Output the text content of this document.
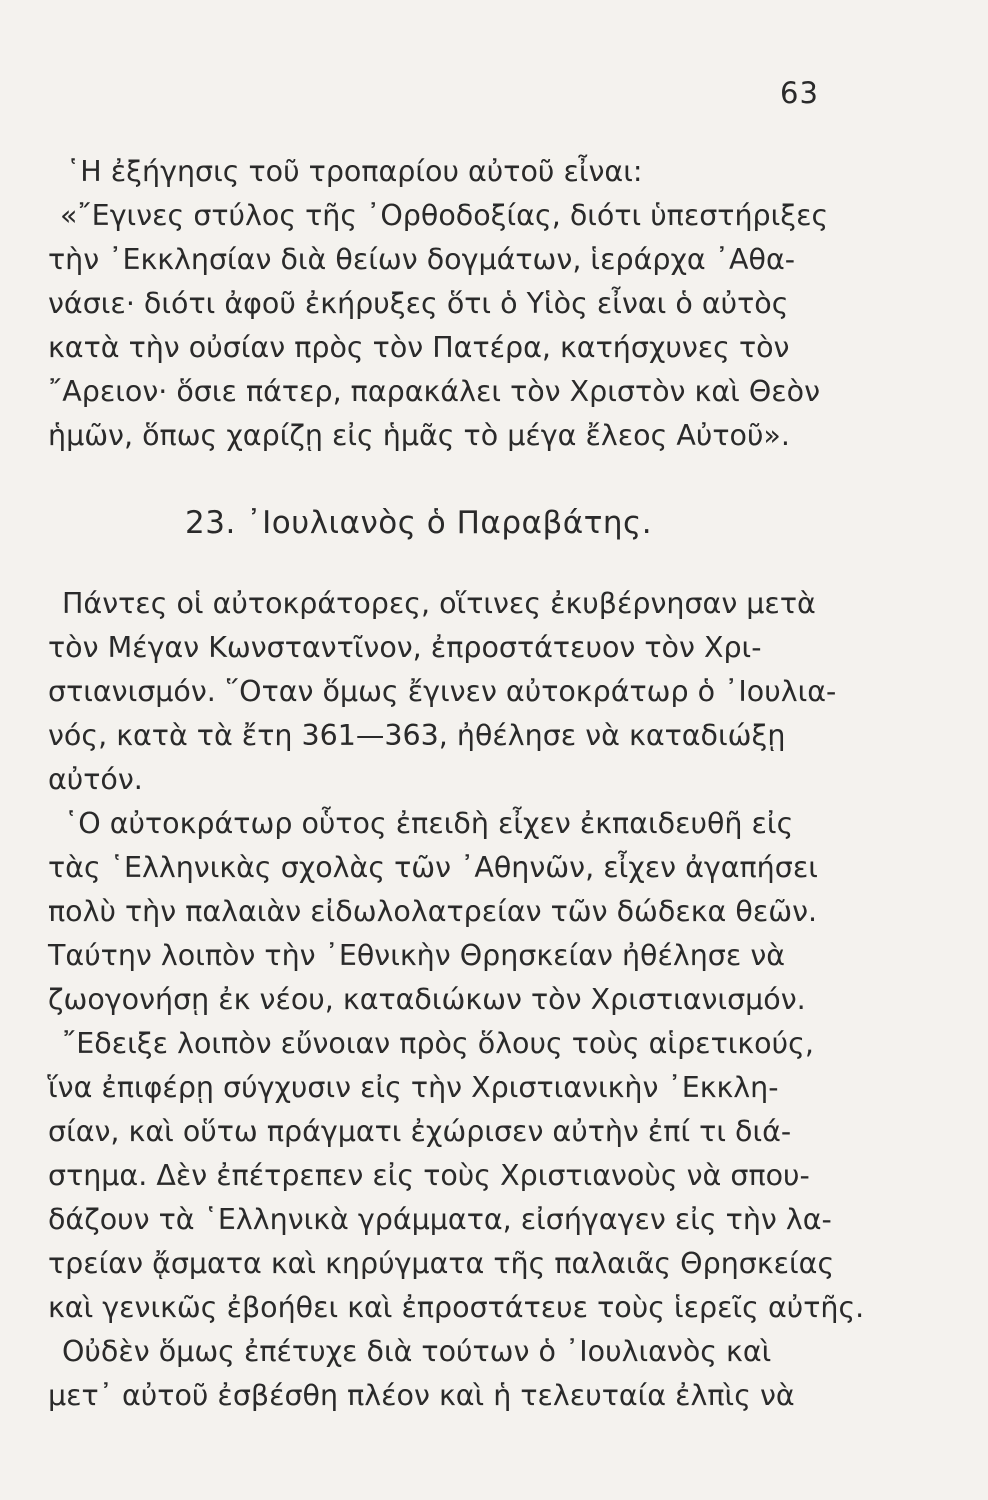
63
῾Η ἐξήγησις τοῦ τροπαρίου αὐτοῦ εἶναι:
«῎Εγινες στύλος τῆς ᾿Ορθοδοξίας, διότι ὑπεστήριξες
τὴν ᾿Εκκλησίαν διὰ θείων δογμάτων, ἱεράρχα ᾿Αθα-
νάσιε· διότι ἀφοῦ ἐκήρυξες ὅτι ὁ Υἱὸς εἶναι ὁ αὐτὸς
κατὰ τὴν οὐσίαν πρὸς τὸν Πατέρα, κατήσχυνες τὸν
῎Αρειον· ὅσιε πάτερ, παρακάλει τὸν Χριστὸν καὶ Θεὸν
ἡμῶν, ὅπως χαρίζῃ εἰς ἡμᾶς τὸ μέγα ἔλεος Αὐτοῦ».
23. ᾿Ιουλιανὸς ὁ Παραβάτης.
Πάντες οἱ αὐτοκράτορες, οἵτινες ἐκυβέρνησαν μετὰ
τὸν Μέγαν Κωνσταντῖνον, ἐπροστάτευον τὸν Χρι-
στιανισμόν. ῞Οταν ὅμως ἔγινεν αὐτοκράτωρ ὁ ᾿Ιουλια-
νός, κατὰ τὰ ἔτη 361—363, ἠθέλησε νὰ καταδιώξῃ
αὐτόν.
῾Ο αὐτοκράτωρ οὗτος ἐπειδὴ εἶχεν ἐκπαιδευθῆ εἰς
τὰς ῾Ελληνικὰς σχολὰς τῶν ᾿Αθηνῶν, εἶχεν ἀγαπήσει
πολὺ τὴν παλαιὰν εἰδωλολατρείαν τῶν δώδεκα θεῶν.
Ταύτην λοιπὸν τὴν ᾿Εθνικὴν Θρησκείαν ἠθέλησε νὰ
ζωογονήσῃ ἐκ νέου, καταδιώκων τὸν Χριστιανισμόν.
῎Εδειξε λοιπὸν εὔνοιαν πρὸς ὅλους τοὺς αἱρετικούς,
ἵνα ἐπιφέρῃ σύγχυσιν εἰς τὴν Χριστιανικὴν ᾿Εκκλη-
σίαν, καὶ οὕτω πράγματι ἐχώρισεν αὐτὴν ἐπί τι διά-
στημα. Δὲν ἐπέτρεπεν εἰς τοὺς Χριστιανοὺς νὰ σπου-
δάζουν τὰ ῾Ελληνικὰ γράμματα, εἰσήγαγεν εἰς τὴν λα-
τρείαν ᾄσματα καὶ κηρύγματα τῆς παλαιᾶς Θρησκείας
καὶ γενικῶς ἐβοήθει καὶ ἐπροστάτευε τοὺς ἱερεῖς αὐτῆς.
Οὐδὲν ὅμως ἐπέτυχε διὰ τούτων ὁ ᾿Ιουλιανὸς καὶ
μετ᾿ αὐτοῦ ἐσβέσθη πλέον καὶ ἡ τελευταία ἐλπὶς νὰ
